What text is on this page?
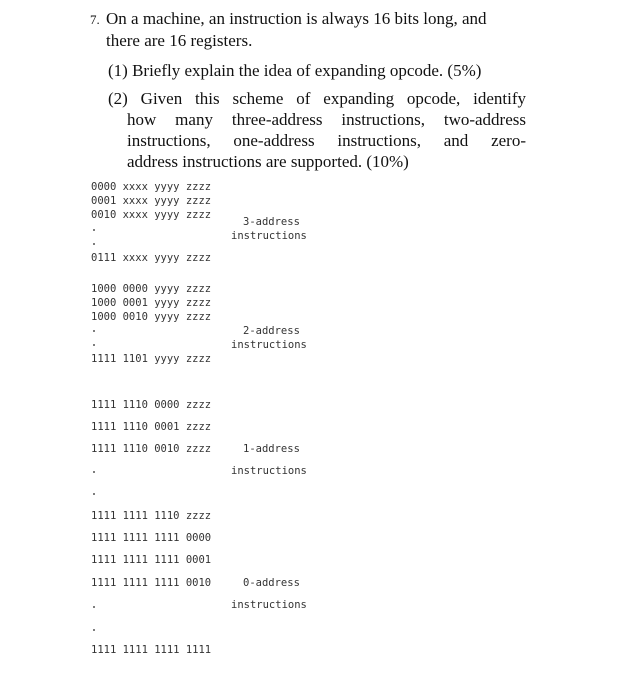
7. On a machine, an instruction is always 16 bits long, and
there are 16 registers.
(1) Briefly explain the idea of expanding opcode. (5%)
(2) Given this scheme of expanding opcode, identify
how many three-address instructions, two-address
instructions, one-address instructions, and zero-
address instructions are supported. (10%)
0000 xxxx yyyy zzzz
0001 xxxx yyyy zzzz
0010 xxxx yyyy zzzz
3-address
instructions
0111 xxxx yyyy zzzz
1000 0000 yyyy zzzz
1000 0001 yyyy zzzz
1000 0010 yyyy zzzz
2-address
instructions
1111 1101 yyyy zzzz
1111 1110 0000 zzzz
1111 1110 0001 zzzz
1111 1110 0010 zzzz	1-address
instructions
1111 1111 1110 zzzz
1111 1111 1111 0000
1111 1111 1111 0001
1111 1111 1111 0010	0-address
instructions
1111 1111 1111 1111
